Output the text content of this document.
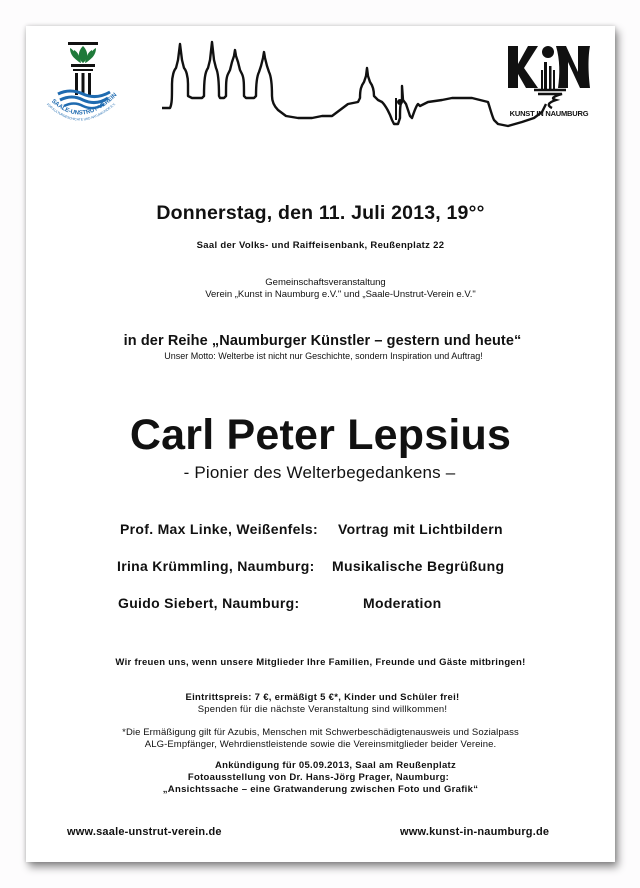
SAALE-UNSTRUT-VEREIN
FÜR KULTURGESCHICHTE UND NATURKUNDE E.V.
KUNST IN NAUMBURG
Donnerstag, den 11. Juli 2013, 19°°
Saal der Volks- und Raiffeisenbank, Reußenplatz 22
Gemeinschaftsveranstaltung
Verein „Kunst in Naumburg e.V." und „Saale-Unstrut-Verein e.V."
in der Reihe „Naumburger Künstler – gestern und heute“
Unser Motto: Welterbe ist nicht nur Geschichte, sondern Inspiration und Auftrag!
Carl Peter Lepsius
- Pionier des Welterbegedankens –
Prof. Max Linke, Weißenfels: Vortrag mit Lichtbildern
Irina Krümmling, Naumburg: Musikalische Begrüßung
Guido Siebert, Naumburg:	Moderation
Wir freuen uns, wenn unsere Mitglieder Ihre Familien, Freunde und Gäste mitbringen!
Eintrittspreis: 7 €, ermäßigt 5 €*, Kinder und Schüler frei!
Spenden für die nächste Veranstaltung sind willkommen!
*Die Ermäßigung gilt für Azubis, Menschen mit Schwerbeschädigtenausweis und Sozialpass
ALG-Empfänger, Wehrdienstleistende sowie die Vereinsmitglieder beider Vereine.
Ankündigung für 05.09.2013, Saal am Reußenplatz
Fotoausstellung von Dr. Hans-Jörg Prager, Naumburg:
„Ansichtssache – eine Gratwanderung zwischen Foto und Grafik“
www.saale-unstrut-verein.de	www.kunst-in-naumburg.de
